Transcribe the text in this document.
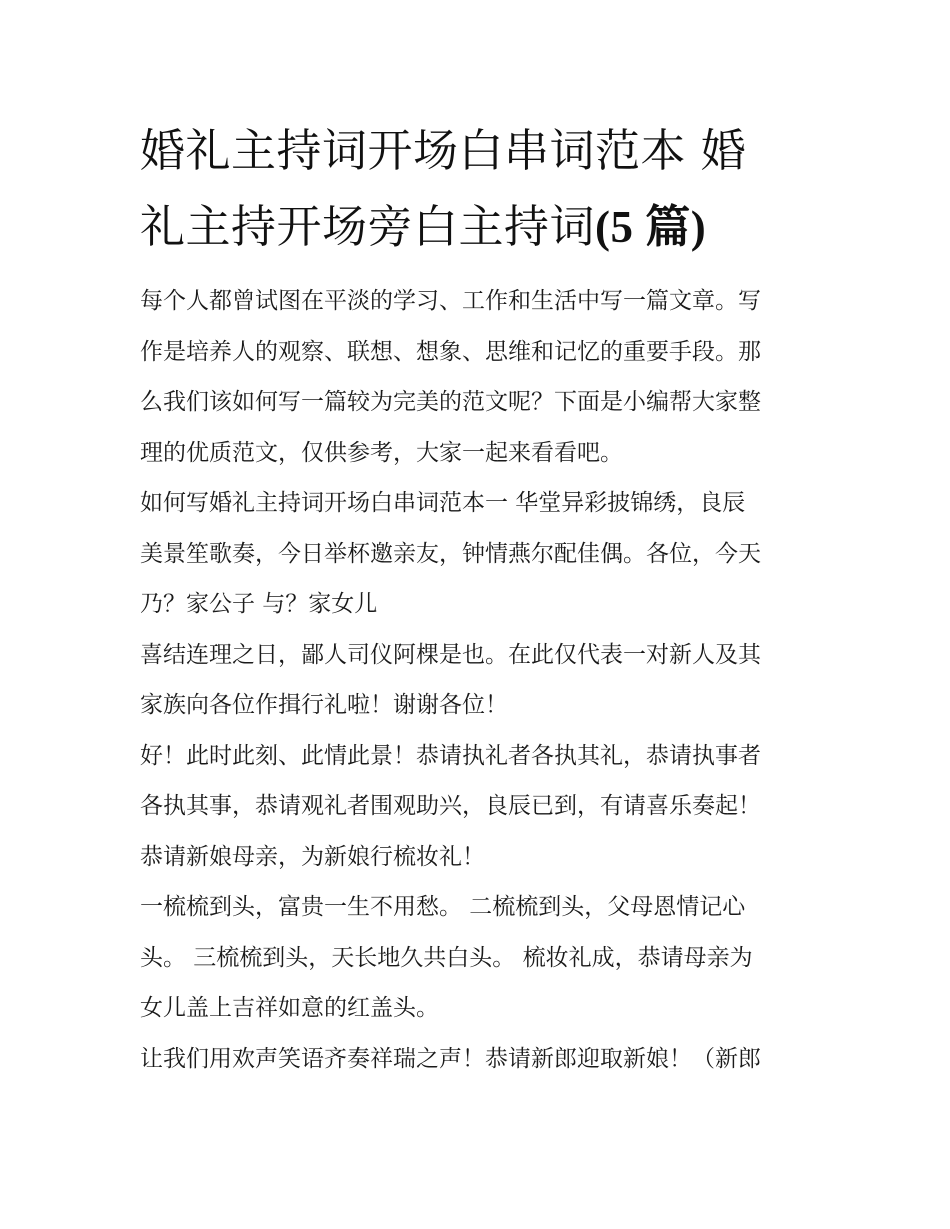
婚礼主持词开场白串词范本 婚
礼主持开场旁白主持词(5 篇)

每个人都曾试图在平淡的学习、工作和生活中写一篇文章。写
作是培养人的观察、联想、想象、思维和记忆的重要手段。那
么我们该如何写一篇较为完美的范文呢？下面是小编帮大家整
理的优质范文，仅供参考，大家一起来看看吧。

如何写婚礼主持词开场白串词范本一 华堂异彩披锦绣，良辰
美景笙歌奏，今日举杯邀亲友，钟情燕尔配佳偶。各位，今天
乃？家公子 与？家女儿

喜结连理之日，鄙人司仪阿棵是也。在此仅代表一对新人及其
家族向各位作揖行礼啦！谢谢各位！

好！此时此刻、此情此景！恭请执礼者各执其礼，恭请执事者
各执其事，恭请观礼者围观助兴，良辰已到，有请喜乐奏起！
恭请新娘母亲，为新娘行梳妆礼！

一梳梳到头，富贵一生不用愁。 二梳梳到头，父母恩情记心
头。 三梳梳到头，天长地久共白头。 梳妆礼成，恭请母亲为
女儿盖上吉祥如意的红盖头。

让我们用欢声笑语齐奏祥瑞之声！恭请新郎迎取新娘！（新郎
